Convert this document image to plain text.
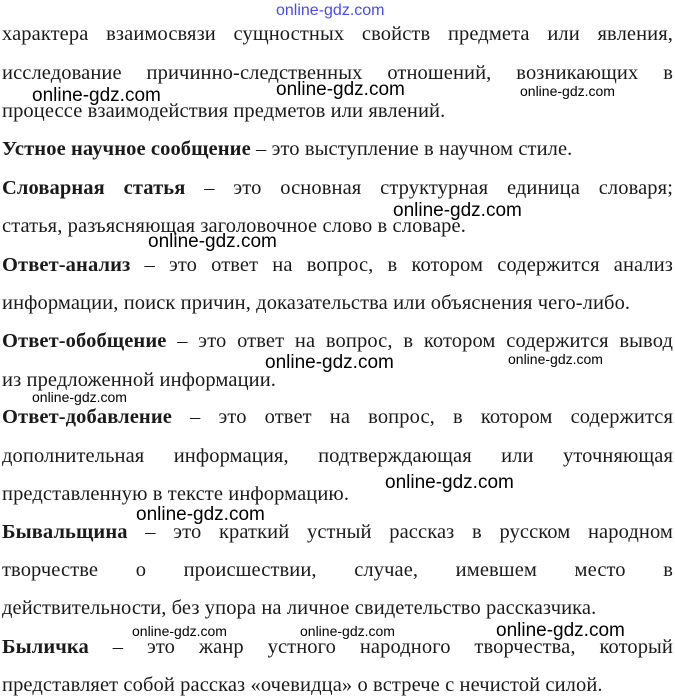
online-gdz.com
характера взаимосвязи сущностных свойств предмета или явления,
исследование причинно-следственных отношений, возникающих в
процессе взаимодействия предметов или явлений.
Устное научное сообщение – это выступление в научном стиле.
Словарная статья – это основная структурная единица словаря;
статья, разъясняющая заголовочное слово в словаре.
Ответ-анализ – это ответ на вопрос, в котором содержится анализ
информации, поиск причин, доказательства или объяснения чего-либо.
Ответ-обобщение – это ответ на вопрос, в котором содержится вывод
из предложенной информации.
Ответ-добавление – это ответ на вопрос, в котором содержится
дополнительная информация, подтверждающая или уточняющая
представленную в тексте информацию.
Бывальщина – это краткий устный рассказ в русском народном
творчестве о происшествии, случае, имевшем место в
действительности, без упора на личное свидетельство рассказчика.
Быличка – это жанр устного народного творчества, который
представляет собой рассказ «очевидца» о встрече с нечистой силой.
online-gdz.com	online-gdz.com	online-gdz.com
online-gdz.com
online-gdz.com
online-gdz.com	online-gdz.com
online-gdz.com
online-gdz.com
online-gdz.com
online-gdz.com	online-gdz.com	online-gdz.com
